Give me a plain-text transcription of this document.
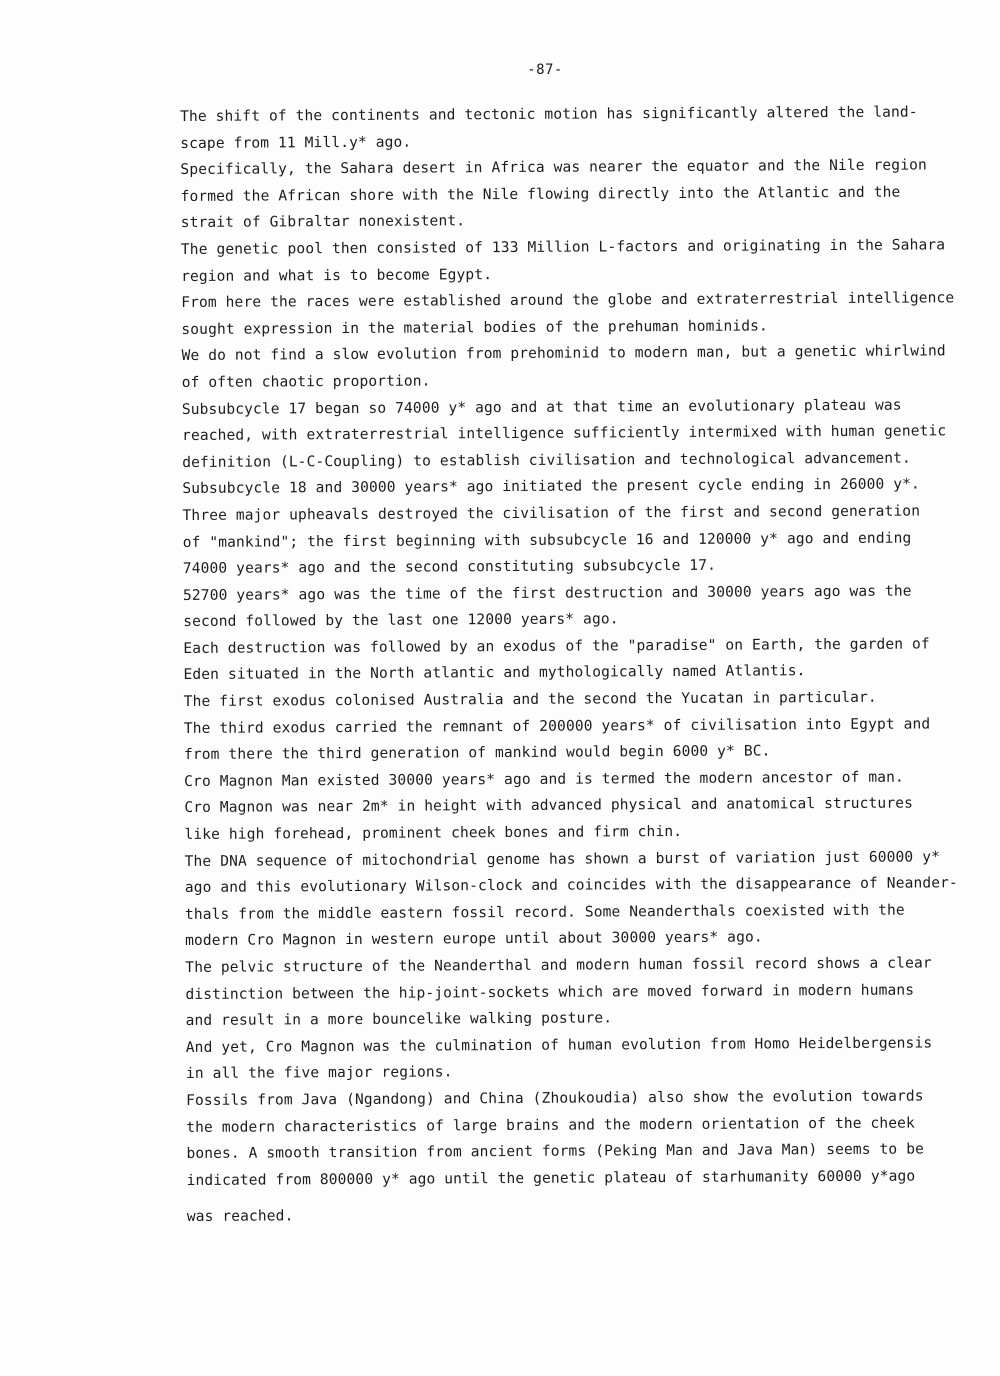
-87-
The shift of the continents and tectonic motion has significantly altered the land-
scape from 11 Mill.y* ago.
Specifically, the Sahara desert in Africa was nearer the equator and the Nile region
formed the African shore with the Nile flowing directly into the Atlantic and the
strait of Gibraltar nonexistent.
The genetic pool then consisted of 133 Million L-factors and originating in the Sahara
region and what is to become Egypt.
From here the races were established around the globe and extraterrestrial intelligence
sought expression in the material bodies of the prehuman hominids.
We do not find a slow evolution from prehominid to modern man, but a genetic whirlwind
of often chaotic proportion.
Subsubcycle 17 began so 74000 y* ago and at that time an evolutionary plateau was
reached, with extraterrestrial intelligence sufficiently intermixed with human genetic
definition (L-C-Coupling) to establish civilisation and technological advancement.
Subsubcycle 18 and 30000 years* ago initiated the present cycle ending in 26000 y*.
Three major upheavals destroyed the civilisation of the first and second generation
of "mankind"; the first beginning with subsubcycle 16 and 120000 y* ago and ending
74000 years* ago and the second constituting subsubcycle 17.
52700 years* ago was the time of the first destruction and 30000 years ago was the
second followed by the last one 12000 years* ago.
Each destruction was followed by an exodus of the "paradise" on Earth, the garden of
Eden situated in the North atlantic and mythologically named Atlantis.
The first exodus colonised Australia and the second the Yucatan in particular.
The third exodus carried the remnant of 200000 years* of civilisation into Egypt and
from there the third generation of mankind would begin 6000 y* BC.
Cro Magnon Man existed 30000 years* ago and is termed the modern ancestor of man.
Cro Magnon was near 2m* in height with advanced physical and anatomical structures
like high forehead, prominent cheek bones and firm chin.
The DNA sequence of mitochondrial genome has shown a burst of variation just 60000 y*
ago and this evolutionary Wilson-clock and coincides with the disappearance of Neander-
thals from the middle eastern fossil record. Some Neanderthals coexisted with the
modern Cro Magnon in western europe until about 30000 years* ago.
The pelvic structure of the Neanderthal and modern human fossil record shows a clear
distinction between the hip-joint-sockets which are moved forward in modern humans
and result in a more bouncelike walking posture.
And yet, Cro Magnon was the culmination of human evolution from Homo Heidelbergensis
in all the five major regions.
Fossils from Java (Ngandong) and China (Zhoukoudia) also show the evolution towards
the modern characteristics of large brains and the modern orientation of the cheek
bones. A smooth transition from ancient forms (Peking Man and Java Man) seems to be
indicated from 800000 y* ago until the genetic plateau of starhumanity 60000 y*ago
was reached.
